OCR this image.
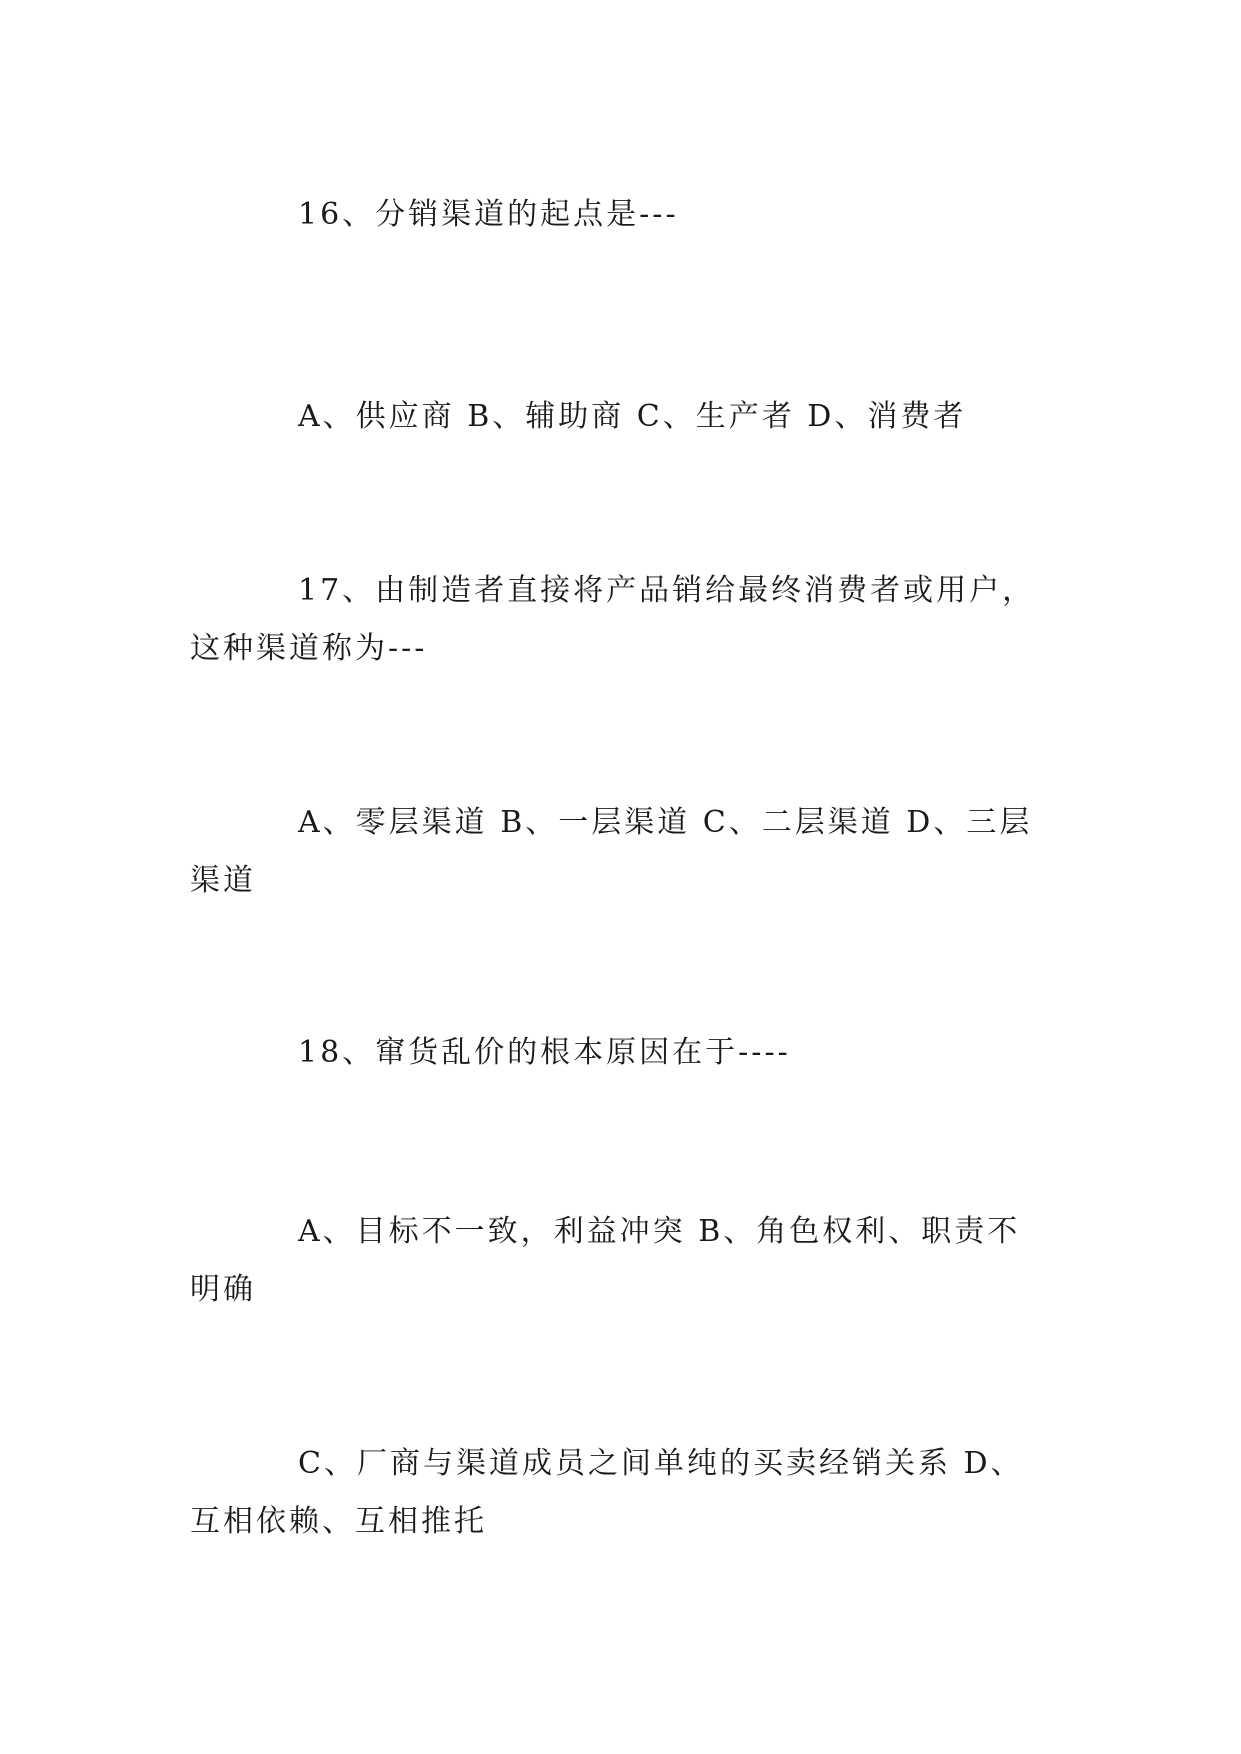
16、分销渠道的起点是---

A、供应商 B、辅助商 C、生产者 D、消费者

17、由制造者直接将产品销给最终消费者或用户，这种渠道称为---

A、零层渠道 B、一层渠道 C、二层渠道 D、三层渠道

18、窜货乱价的根本原因在于----

A、目标不一致，利益冲突 B、角色权利、职责不明确

C、厂商与渠道成员之间单纯的买卖经销关系 D、互相依赖、互相推托
